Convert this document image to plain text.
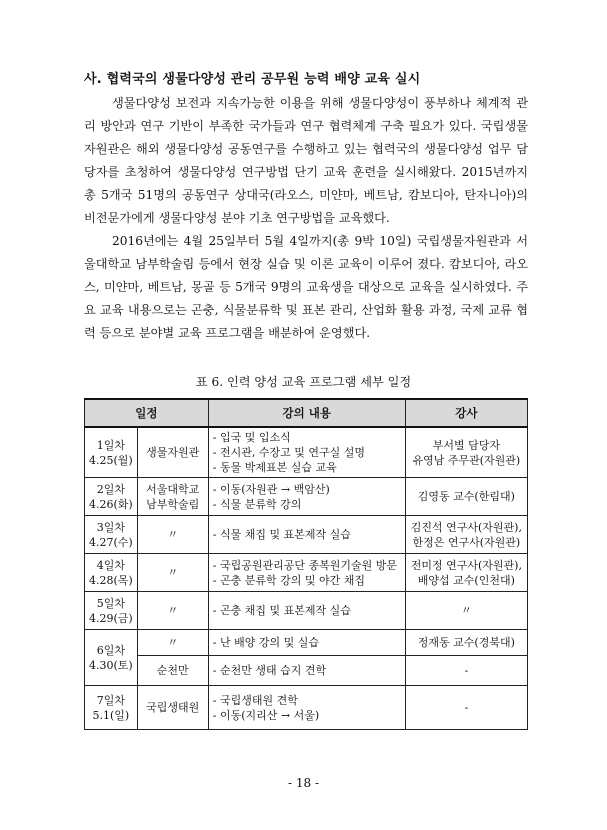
사. 협력국의 생물다양성 관리 공무원 능력 배양 교육 실시
생물다양성 보전과 지속가능한 이용을 위해 생물다양성이 풍부하나 체계적 관리 방안과 연구 기반이 부족한 국가들과 연구 협력체계 구축 필요가 있다. 국립생물자원관은 해외 생물다양성 공동연구를 수행하고 있는 협력국의 생물다양성 업무 담당자를 초청하여 생물다양성 연구방법 단기 교육 훈련을 실시해왔다. 2015년까지 총 5개국 51명의 공동연구 상대국(라오스, 미얀마, 베트남, 캄보디아, 탄자니아)의 비전문가에게 생물다양성 분야 기초 연구방법을 교육했다.
2016년에는 4월 25일부터 5월 4일까지(총 9박 10일) 국립생물자원관과 서울대학교 남부학술림 등에서 현장 실습 및 이론 교육이 이루어 졌다. 캄보디아, 라오스, 미얀마, 베트남, 몽골 등 5개국 9명의 교육생을 대상으로 교육을 실시하였다. 주요 교육 내용으로는 곤충, 식물분류학 및 표본 관리, 산업화 활용 과정, 국제 교류 협력 등으로 분야별 교육 프로그램을 배분하여 운영했다.
표 6. 인력 양성 교육 프로그램 세부 일정
일정		강의 내용	강사

1일차
4.25(월)	생물자원관	- 입국 및 입소식
- 전시관, 수장고 및 연구실 설명
- 동물 박제표본 실습 교육	부서별 담당자
유영남 주무관(자원관)

2일차
4.26(화)	서울대학교 남부학술림	- 이동(자원관 → 백암산)
- 식물 분류학 강의	김영동 교수(한림대)

3일차
4.27(수)	〃	- 식물 채집 및 표본제작 실습	김진석 연구사(자원관),
한정은 연구사(자원관)

4일차
4.28(목)	〃	- 국립공원관리공단 종복원기술원 방문
- 곤충 분류학 강의 및 야간 채집	전미정 연구사(자원관),
배양섭 교수(인천대)

5일차
4.29(금)	〃	- 곤충 채집 및 표본제작 실습	〃

6일차
4.30(토)	〃	- 난 배양 강의 및 실습	정재동 교수(경북대)

	순천만	- 순천만 생태 습지 견학	-

7일차
5.1(일)	국립생태원	- 국립생태원 견학
- 이동(지리산 → 서울)	-
- 18 -
